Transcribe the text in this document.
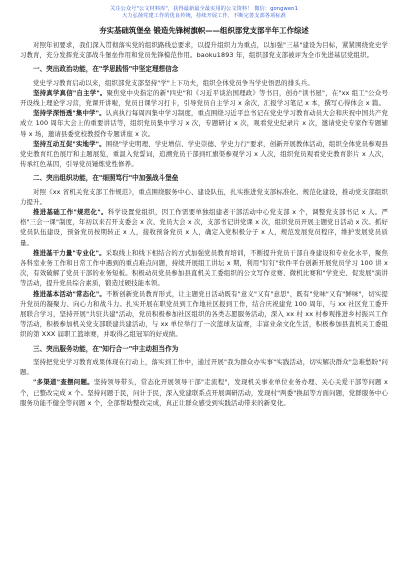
关注公众号"公文材料库"，获得最新最全最实用的公文资料！ 微信：gongwen1
大力弘扬党建工作的优良传统，持续开展工作，不断完善支部各项标准
夯实基础筑堡垒 锻造先锋树旗帜——组织部党支部半年工作综述

对照年初要求，我们深入贯彻落实党的组织路线总要求，以提升组织力为重点，以加强"三基"建设为目标，紧紧围绕党史学习教育，充分发挥党支部战斗堡垒作用和党员先锋模范作用。baoku1893 年，组织部党支部被评为全市先进基层党组织。

一、突出政治功能，在"学思践悟"中坚定理想信念

党史学习教育启动以来，组织部党支部坚持"学"上下功夫，组织全体党员争当学史悟思的排头兵。

坚持真学真信"自主学"。聚焦党中央指定的新"四史"和《习近平谈治国理政》等书目，创办"读书屋"，在"xx 组工"公众号开设线上理论学习营，党课开讲啦，党员日课学习打卡，引导党员自主学习 x 余次，汇报学习笔记 x 本，撰写心得体会 x 篇。

坚持学深悟透"集中学"。认真执行每周四集中学习制度，重点围绕习近平总书记在党史学习教育动员大会和庆祝中国共产党成立 100 周年大会上的重要讲话等，组织党员集中学习 x 次，专题研讨 x 次，观看党史纪录片 x 次，邀请党史专家作专题辅导 x 场，邀请县委党校教授作专题讲座 x 次。

坚持互动互促"实地学"。围绕"学史明理、学史增信、学史崇德、学史力行"要求，创新开展教体活动，组织全体党员参观县党史教育红色展厅和主题展览，重温入党誓词，追溯党员干部到红旗渠参观学习 x 人次，组织党员观看党史教育影片 x 人次，传承红色基因，引导党员锤炼党性修养。

二、突出组织功能，在"细照笃行"中加强战斗堡垒

对照《xx 省机关党支部工作规范》，重点围绕服务中心、建设队伍，扎实推进党支部标准化、规范化建设，推动党支部组织力提升。

推进基础工作"规范化"。科学设置党组织，因工作需要单独组建老干部活动中心党支部 x 个，调整党支部书记 x 人。严格"三会一课"制度，年初以来召开支委会 x 次、党员大会 x 次，支部书记讲党课 x 次，组织党员开展主题党日活动 x 次。抓好党员队伍建设，预备党员按期转正 x 人，接收预备党员 x 人，确定入党积极分子 x 人，规范发展党员程序，维护发展党员质量。

推进基干力量"专业化"。采取线上和线下相结合的方式加强党员教育培训，不断提升党员干部自身建设和专业化水平，聚焦各科室业务工作和日常工作中遇到的重点难点问题，持续开展组工讲坛 x 期，利用"钉钉"软件平台创新开展党员学习 100 讲 x 次，有效破解了党员干部的业务短板。积极动员党员参加县直机关工委组织的公文写作竞赛、微机比赛和"学党史、促发展"演讲等活动，提升党员综合素质，锻造过硬技能本领。

推进基本活动"常态化"。不断创新党员教育形式，让主题党日活动既有"意义"又有"意思"，既有"党味"又有"鲜味"，切实提升党员的凝聚力、向心力和战斗力。扎实开展在职党员到工作地社区报到工作，结合庆祝建党 100 周年，与 xx 社区党工委开展联合学习，坚持开展"共驻共建"活动，党员积极参加社区组织的各类志愿服务活动，深入 xx 村 xx 村参观推进乡村振兴工作等活动，积极参加机关党支部联建共建活动，与 xx 单位举行了一次篮球友谊赛，丰富业余文化生活，积极参加县直机关工委组织的第 XXX 届职工篮球赛，并取得乙组冠军的好成绩。

三、突出服务功能，在"知行合一"中主动担当作为

坚持把党史学习教育成果体现在行动上，落实到工作中，通过开展"我为群众办实事"实践活动，切实解决群众"急难愁盼"问题。

"多渠道"查摆问题。坚持领导带头，常态化开展领导干部"走流程"，发现机关事业单位业务办理、关心关爱干部等问题 x 个，已整改完成 x 个。坚持问题于民，问计于民，深入党建联系点开展调研活动，发现村"两委"换届等方面问题，党群服务中心服务功能不健全等问题 x 个，全部帮助整改完成，真正让群众感受到实践活动带来的新变化。
